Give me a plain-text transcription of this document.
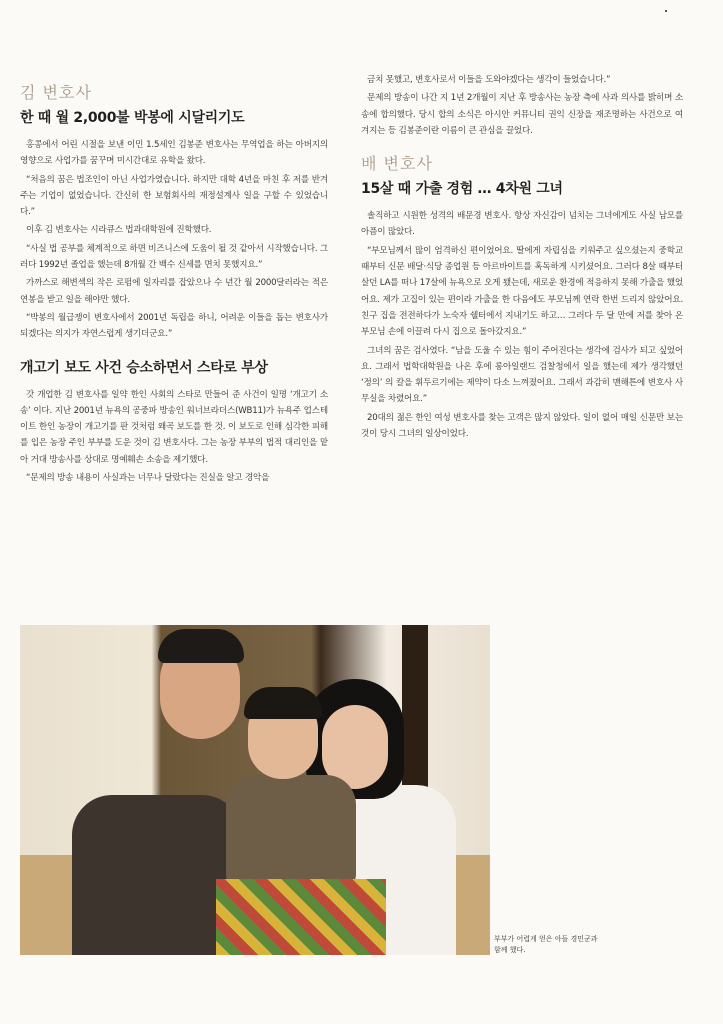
김 변호사
한 때 월 2,000불 박봉에 시달리기도

홍콩에서 어린 시절을 보낸 이민 1.5세인 김봉준 변호사는 무역업을 하는 아버지의 영향으로 사업가를 꿈꾸며 미시간대로 유학을 왔다.

“처음의 꿈은 법조인이 아닌 사업가였습니다. 하지만 대학 4년을 마친 후 저를 반겨주는 기업이 없었습니다. 간신히 한 보험회사의 재정설계사 일을 구할 수 있었습니다.”

이후 김 변호사는 시라큐스 법과대학원에 진학했다.

“사실 법 공부를 체계적으로 하면 비즈니스에 도움이 될 것 같아서 시작했습니다. 그러다 1992년 졸업을 했는데 8개월 간 백수 신세를 면치 못했지요.”

가까스로 해변섹의 작은 로펌에 일자리를 잡았으나 수 년간 월 2000달러라는 적은 연봉을 받고 일을 해야만 했다.

“박봉의 월급쟁이 변호사에서 2001년 독립을 하니, 어려운 이들을 돕는 변호사가 되겠다는 의지가 자연스럽게 생기더군요.”

개고기 보도 사건 승소하면서 스타로 부상

갓 개업한 김 변호사를 일약 한인 사회의 스타로 만들어 준 사건이 일명 ‘개고기 소송’ 이다. 지난 2001년 뉴욕의 공중파 방송인 워너브라더스(WB11)가 뉴욕주 업스테이트 한인 농장이 개고기를 판 것처럼 왜곡 보도를 한 것. 이 보도로 인해 심각한 피해를 입은 농장 주인 부부를 도운 것이 김 변호사다. 그는 농장 부부의 법적 대리인을 맡아 거대 방송사를 상대로 명예훼손 소송을 제기했다.

“문제의 방송 내용이 사실과는 너무나 달랐다는 진실을 알고 경악을

금치 못했고, 변호사로서 이들을 도와야겠다는 생각이 들었습니다.”

문제의 방송이 나간 지 1년 2개월이 지난 후 방송사는 농장 측에 사과 의사를 밝히며 소송에 합의했다. 당시 합의 소식은 아시안 커뮤니티 권익 신장을 재조명하는 사건으로 여겨지는 등 김봉준이란 이름이 큰 관심을 끌었다.

배 변호사
15살 때 가출 경험 … 4차원 그녀

솔직하고 시원한 성격의 배문경 변호사. 항상 자신감이 넘치는 그녀에게도 사실 남모를 아픔이 많았다.

“부모님께서 많이 엄격하신 편이었어요. 딸에게 자립심을 키워주고 싶으셨는지 중학교 때부터 신문 배달·식당 종업원 등 아르바이트를 혹독하게 시키셨어요. 그러다 8살 때부터 살던 LA를 떠나 17살에 뉴욕으로 오게 됐는데, 새로운 환경에 적응하지 못해 가출을 했었어요. 제가 고집이 있는 편이라 가출을 한 다음에도 부모님께 연락 한번 드리지 않았어요. 친구 집을 전전하다가 노숙자 쉘터에서 지내기도 하고… 그러다 두 달 만에 저를 찾아 온 부모님 손에 이끌려 다시 집으로 돌아갔지요.”

그녀의 꿈은 검사였다. “남을 도울 수 있는 힘이 주어진다는 생각에 검사가 되고 싶었어요. 그래서 법학대학원을 나온 후에 롱아일랜드 검찰청에서 일을 했는데 제가 생각했던 ‘정의’ 의 칼을 휘두르기에는 제약이 다소 느껴졌어요. 그래서 과감히 맨해튼에 변호사 사무실을 차렸어요.”

20대의 젊은 한인 여성 변호사를 찾는 고객은 많지 않았다. 일이 없어 매일 신문만 보는 것이 당시 그녀의 일상이었다.

부부가 어렵게 얻은 아들 경민군과 함께 했다.
